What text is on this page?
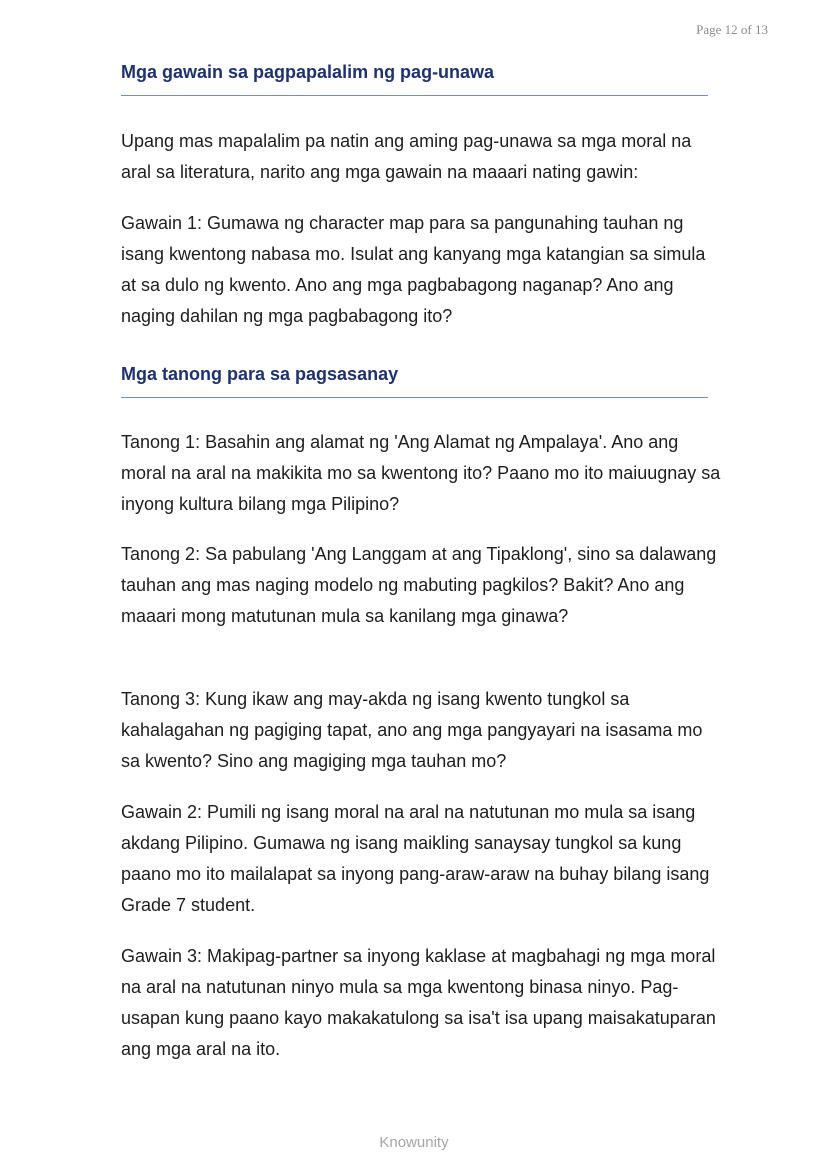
Page 12 of 13
Mga gawain sa pagpapalalim ng pag-unawa

Upang mas mapalalim pa natin ang aming pag-unawa sa mga moral na aral sa literatura, narito ang mga gawain na maaari nating gawin:

Gawain 1: Gumawa ng character map para sa pangunahing tauhan ng isang kwentong nabasa mo. Isulat ang kanyang mga katangian sa simula at sa dulo ng kwento. Ano ang mga pagbabagong naganap? Ano ang naging dahilan ng mga pagbabagong ito?

Mga tanong para sa pagsasanay

Tanong 1: Basahin ang alamat ng 'Ang Alamat ng Ampalaya'. Ano ang moral na aral na makikita mo sa kwentong ito? Paano mo ito maiuugnay sa inyong kultura bilang mga Pilipino?

Tanong 2: Sa pabulang 'Ang Langgam at ang Tipaklong', sino sa dalawang tauhan ang mas naging modelo ng mabuting pagkilos? Bakit? Ano ang maaari mong matutunan mula sa kanilang mga ginawa?

Tanong 3: Kung ikaw ang may-akda ng isang kwento tungkol sa kahalagahan ng pagiging tapat, ano ang mga pangyayari na isasama mo sa kwento? Sino ang magiging mga tauhan mo?

Gawain 2: Pumili ng isang moral na aral na natutunan mo mula sa isang akdang Pilipino. Gumawa ng isang maikling sanaysay tungkol sa kung paano mo ito mailalapat sa inyong pang-araw-araw na buhay bilang isang Grade 7 student.

Gawain 3: Makipag-partner sa inyong kaklase at magbahagi ng mga moral na aral na natutunan ninyo mula sa mga kwentong binasa ninyo. Pag-usapan kung paano kayo makakatulong sa isa't isa upang maisakatuparan ang mga aral na ito.

Knowunity
